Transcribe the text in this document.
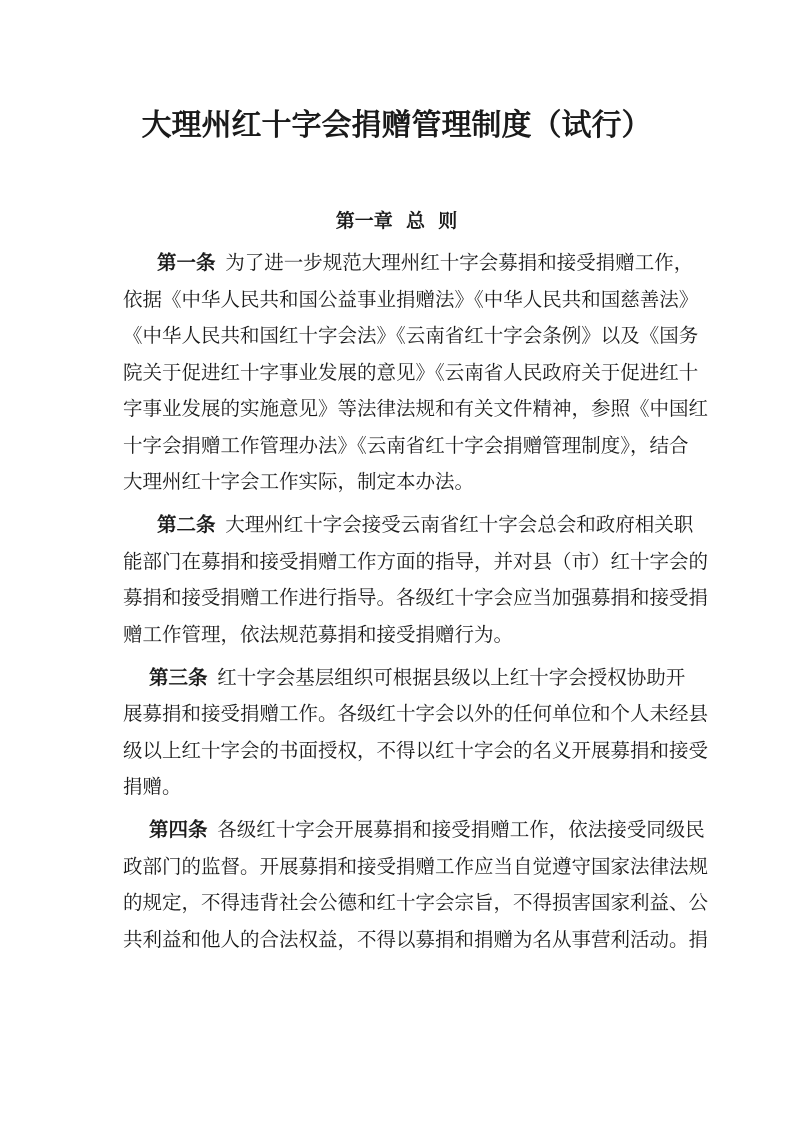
大理州红十字会捐赠管理制度（试行）
第一章  总  则
第一条  为了进一步规范大理州红十字会募捐和接受捐赠工作，
依据《中华人民共和国公益事业捐赠法》《中华人民共和国慈善法》
《中华人民共和国红十字会法》《云南省红十字会条例》以及《国务
院关于促进红十字事业发展的意见》《云南省人民政府关于促进红十
字事业发展的实施意见》等法律法规和有关文件精神，参照《中国红
十字会捐赠工作管理办法》《云南省红十字会捐赠管理制度》，结合
大理州红十字会工作实际，制定本办法。
第二条  大理州红十字会接受云南省红十字会总会和政府相关职
能部门在募捐和接受捐赠工作方面的指导，并对县（市）红十字会的
募捐和接受捐赠工作进行指导。各级红十字会应当加强募捐和接受捐
赠工作管理，依法规范募捐和接受捐赠行为。
第三条  红十字会基层组织可根据县级以上红十字会授权协助开
展募捐和接受捐赠工作。各级红十字会以外的任何单位和个人未经县
级以上红十字会的书面授权，不得以红十字会的名义开展募捐和接受
捐赠。
第四条  各级红十字会开展募捐和接受捐赠工作，依法接受同级民
政部门的监督。开展募捐和接受捐赠工作应当自觉遵守国家法律法规
的规定，不得违背社会公德和红十字会宗旨，不得损害国家利益、公
共利益和他人的合法权益，不得以募捐和捐赠为名从事营利活动。捐
